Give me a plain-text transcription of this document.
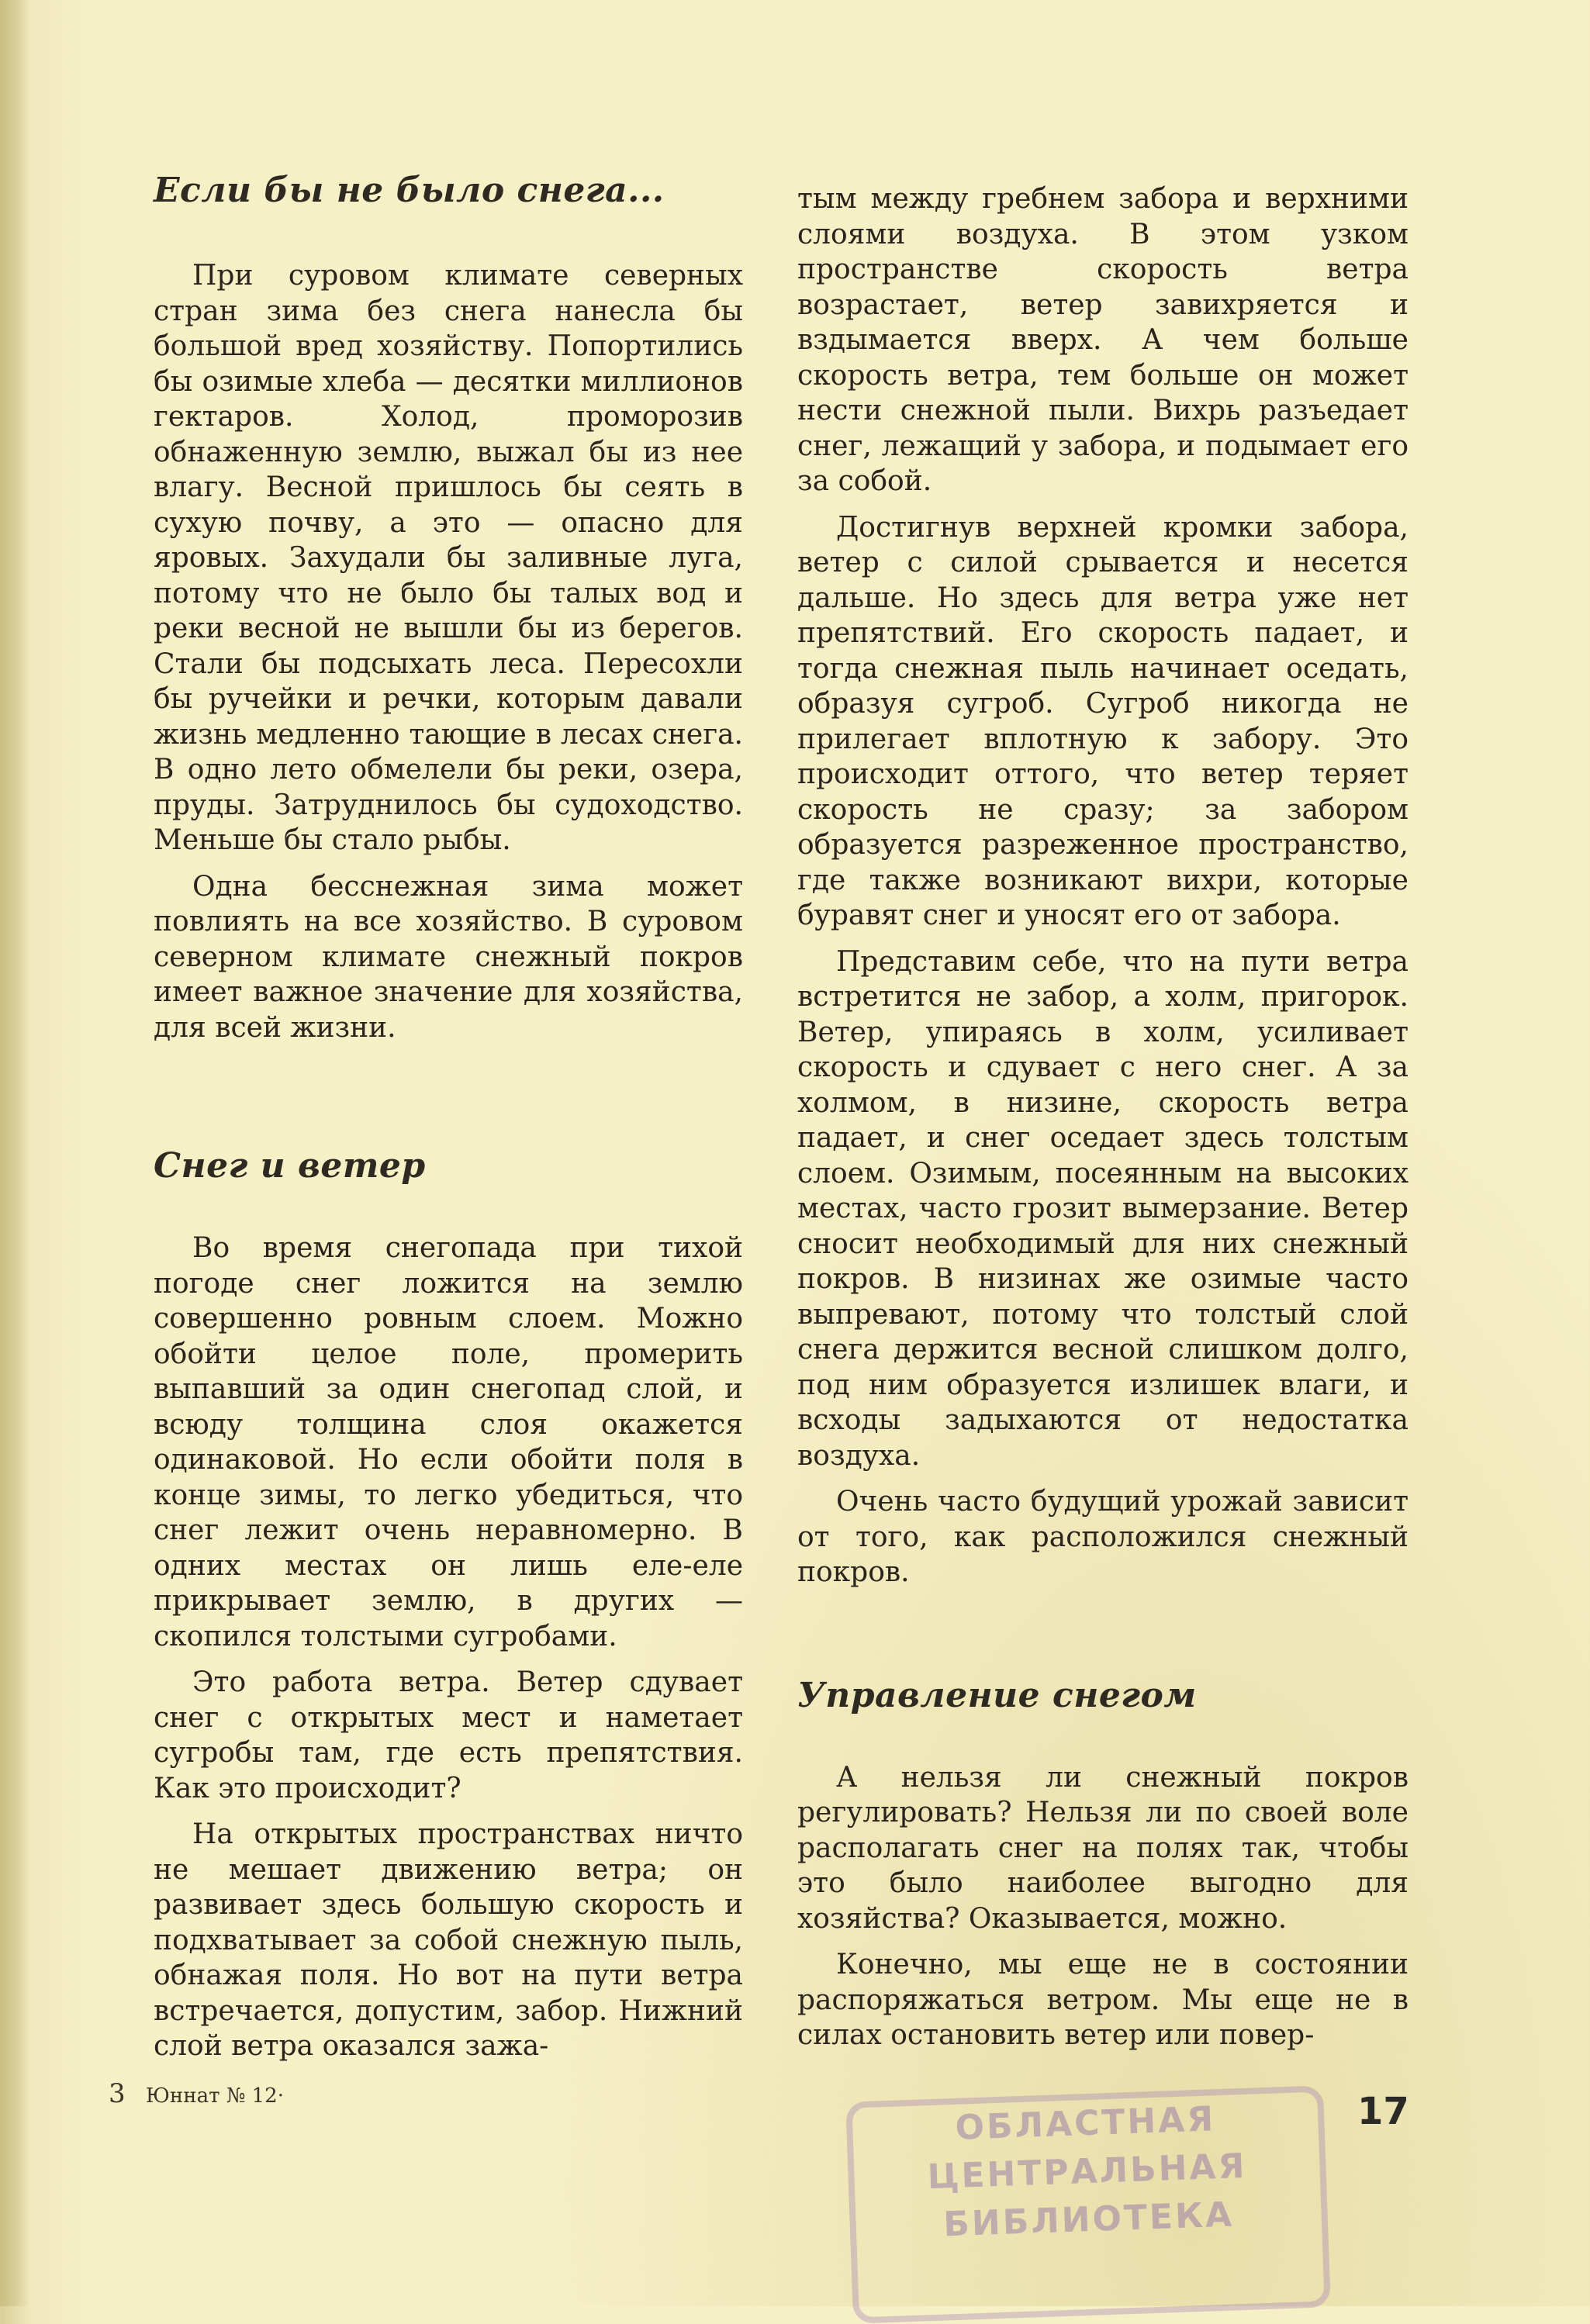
Если бы не было снега...

При суровом климате северных стран зима без снега нанесла бы большой вред хозяйству. Попортились бы озимые хлеба — десятки миллионов гектаров. Холод, проморозив обнаженную землю, выжал бы из нее влагу. Весной пришлось бы сеять в сухую почву, а это — опасно для яровых. Захудали бы заливные луга, потому что не было бы талых вод и реки весной не вышли бы из берегов. Стали бы подсыхать леса. Пересохли бы ручейки и речки, которым давали жизнь медленно тающие в лесах снега. В одно лето обмелели бы реки, озера, пруды. Затруднилось бы судоходство. Меньше бы стало рыбы.

Одна бесснежная зима может повлиять на все хозяйство. В суровом северном климате снежный покров имеет важное значение для хозяйства, для всей жизни.

Снег и ветер

Во время снегопада при тихой погоде снег ложится на землю совершенно ровным слоем. Можно обойти целое поле, промерить выпавший за один снегопад слой, и всюду толщина слоя окажется одинаковой. Но если обойти поля в конце зимы, то легко убедиться, что снег лежит очень неравномерно. В одних местах он лишь еле-еле прикрывает землю, в других — скопился толстыми сугробами.

Это работа ветра. Ветер сдувает снег с открытых мест и наметает сугробы там, где есть препятствия. Как это происходит?

На открытых пространствах ничто не мешает движению ветра; он развивает здесь большую скорость и подхватывает за собой снежную пыль, обнажая поля. Но вот на пути ветра встречается, допустим, забор. Нижний слой ветра оказался зажа-

тым между гребнем забора и верхними слоями воздуха. В этом узком пространстве скорость ветра возрастает, ветер завихряется и вздымается вверх. А чем больше скорость ветра, тем больше он может нести снежной пыли. Вихрь разъедает снег, лежащий у забора, и подымает его за собой.

Достигнув верхней кромки забора, ветер с силой срывается и несется дальше. Но здесь для ветра уже нет препятствий. Его скорость падает, и тогда снежная пыль начинает оседать, образуя сугроб. Сугроб никогда не прилегает вплотную к забору. Это происходит оттого, что ветер теряет скорость не сразу; за забором образуется разреженное пространство, где также возникают вихри, которые буравят снег и уносят его от забора.

Представим себе, что на пути ветра встретится не забор, а холм, пригорок. Ветер, упираясь в холм, усиливает скорость и сдувает с него снег. А за холмом, в низине, скорость ветра падает, и снег оседает здесь толстым слоем. Озимым, посеянным на высоких местах, часто грозит вымерзание. Ветер сносит необходимый для них снежный покров. В низинах же озимые часто выпревают, потому что толстый слой снега держится весной слишком долго, под ним образуется излишек влаги, и всходы задыхаются от недостатка воздуха.

Очень часто будущий урожай зависит от того, как расположился снежный покров.

Управление снегом

А нельзя ли снежный покров регулировать? Нельзя ли по своей воле располагать снег на полях так, чтобы это было наиболее выгодно для хозяйства? Оказывается, можно.

Конечно, мы еще не в состоянии распоряжаться ветром. Мы еще не в силах остановить ветер или повер-

3 Юннат № 12·	17
ОБЛАСТНАЯ
ЦЕНТРАЛЬНАЯ
БИБЛИОТЕКА
